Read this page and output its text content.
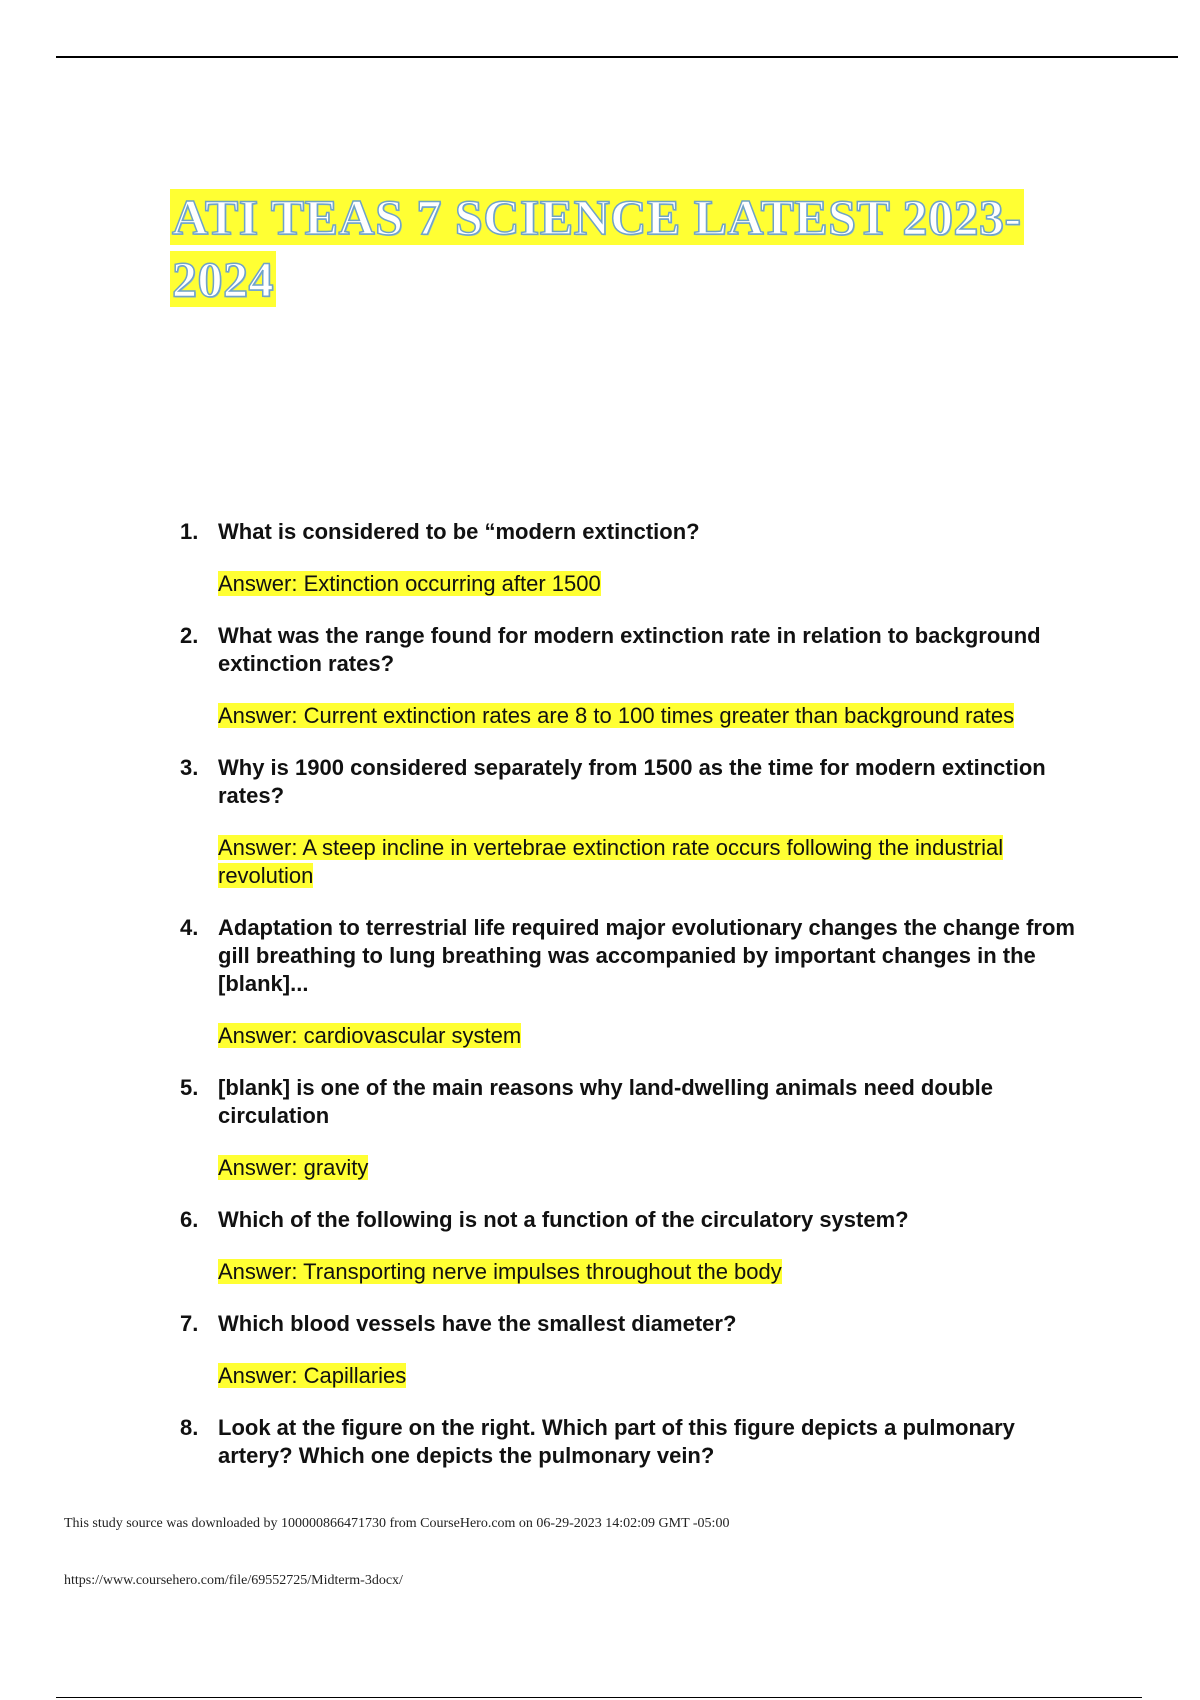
ATI TEAS 7 SCIENCE LATEST 2023-2024
1. What is considered to be “modern extinction?

Answer: Extinction occurring after 1500

2. What was the range found for modern extinction rate in relation to background extinction rates?

Answer: Current extinction rates are 8 to 100 times greater than background rates

3. Why is 1900 considered separately from 1500 as the time for modern extinction rates?

Answer: A steep incline in vertebrae extinction rate occurs following the industrial revolution

4. Adaptation to terrestrial life required major evolutionary changes the change from gill breathing to lung breathing was accompanied by important changes in the [blank]...

Answer: cardiovascular system

5. [blank] is one of the main reasons why land-dwelling animals need double circulation

Answer: gravity

6. Which of the following is not a function of the circulatory system?

Answer: Transporting nerve impulses throughout the body

7. Which blood vessels have the smallest diameter?

Answer: Capillaries

8. Look at the figure on the right. Which part of this figure depicts a pulmonary artery? Which one depicts the pulmonary vein?

This study source was downloaded by 100000866471730 from CourseHero.com on 06-29-2023 14:02:09 GMT -05:00

https://www.coursehero.com/file/69552725/Midterm-3docx/
